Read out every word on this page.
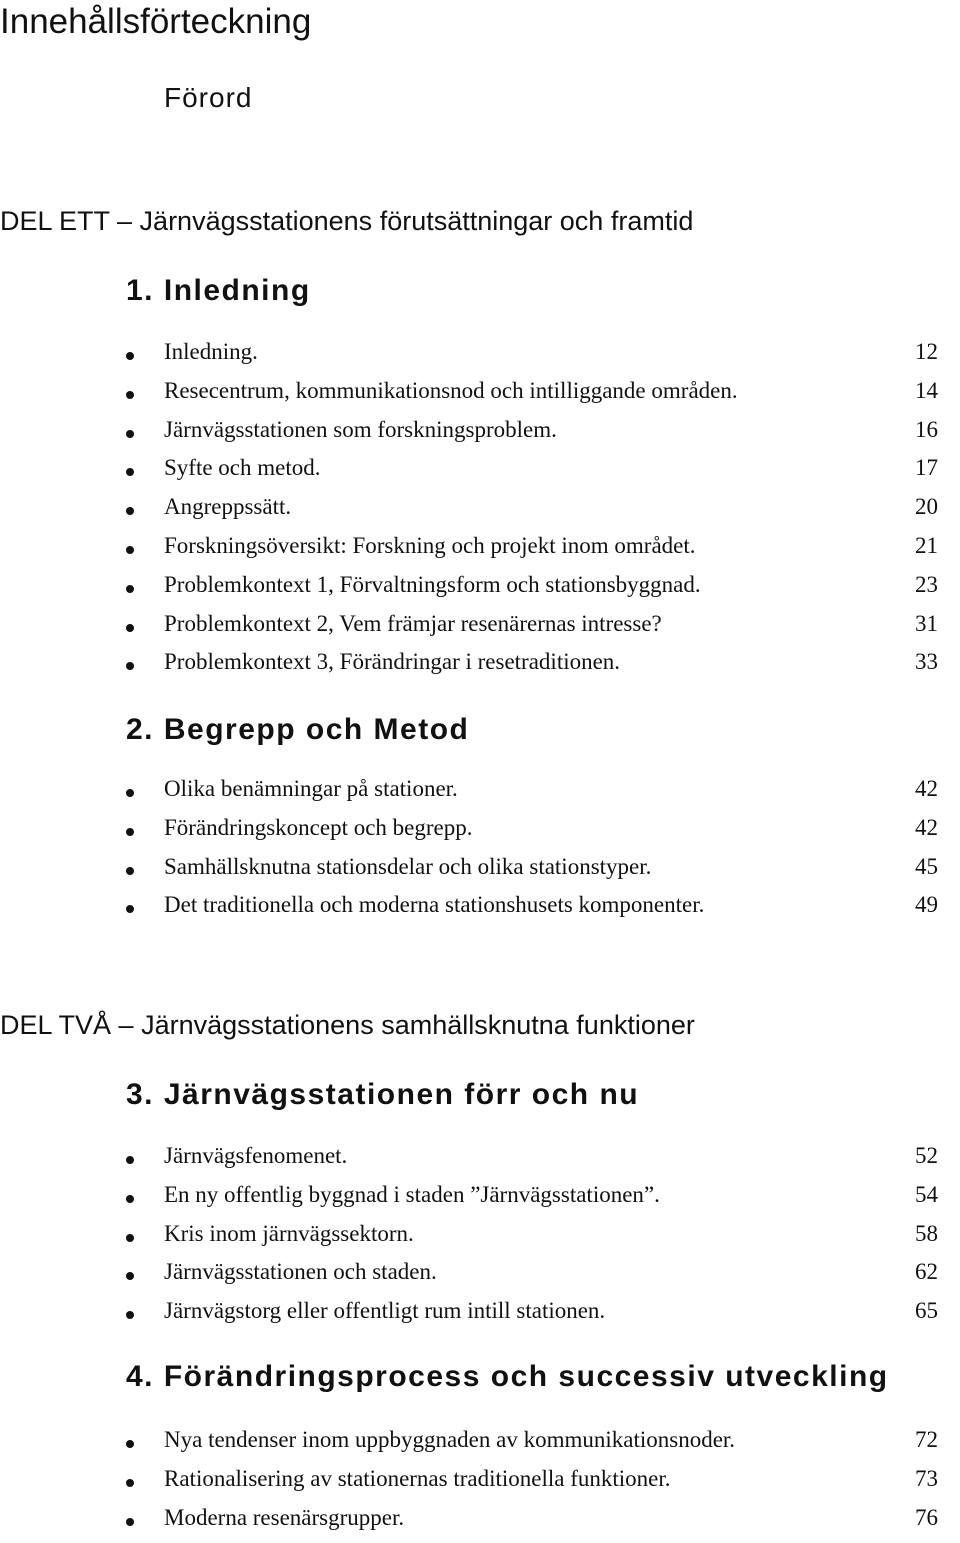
Innehållsförteckning
Förord
DEL ETT – Järnvägsstationens förutsättningar och framtid
1. Inledning
Inledning.	12
Resecentrum, kommunikationsnod och intilliggande områden.	14
Järnvägsstationen som forskningsproblem.	16
Syfte och metod.	17
Angreppssätt.	20
Forskningsöversikt: Forskning och projekt inom området.	21
Problemkontext 1, Förvaltningsform och stationsbyggnad.	23
Problemkontext 2, Vem främjar resenärernas intresse?	31
Problemkontext 3, Förändringar i resetraditionen.	33
2. Begrepp och Metod
Olika benämningar på stationer.	42
Förändringskoncept och begrepp.	42
Samhällsknutna stationsdelar och olika stationstyper.	45
Det traditionella och moderna stationshusets komponenter.	49
DEL TVÅ – Järnvägsstationens samhällsknutna funktioner
3. Järnvägsstationen förr och nu
Järnvägsfenomenet.	52
En ny offentlig byggnad i staden ”Järnvägsstationen”.	54
Kris inom järnvägssektorn.	58
Järnvägsstationen och staden.	62
Järnvägstorg eller offentligt rum intill stationen.	65
4. Förändringsprocess och successiv utveckling
Nya tendenser inom uppbyggnaden av kommunikationsnoder.	72
Rationalisering av stationernas traditionella funktioner.	73
Moderna resenärsgrupper.	76
